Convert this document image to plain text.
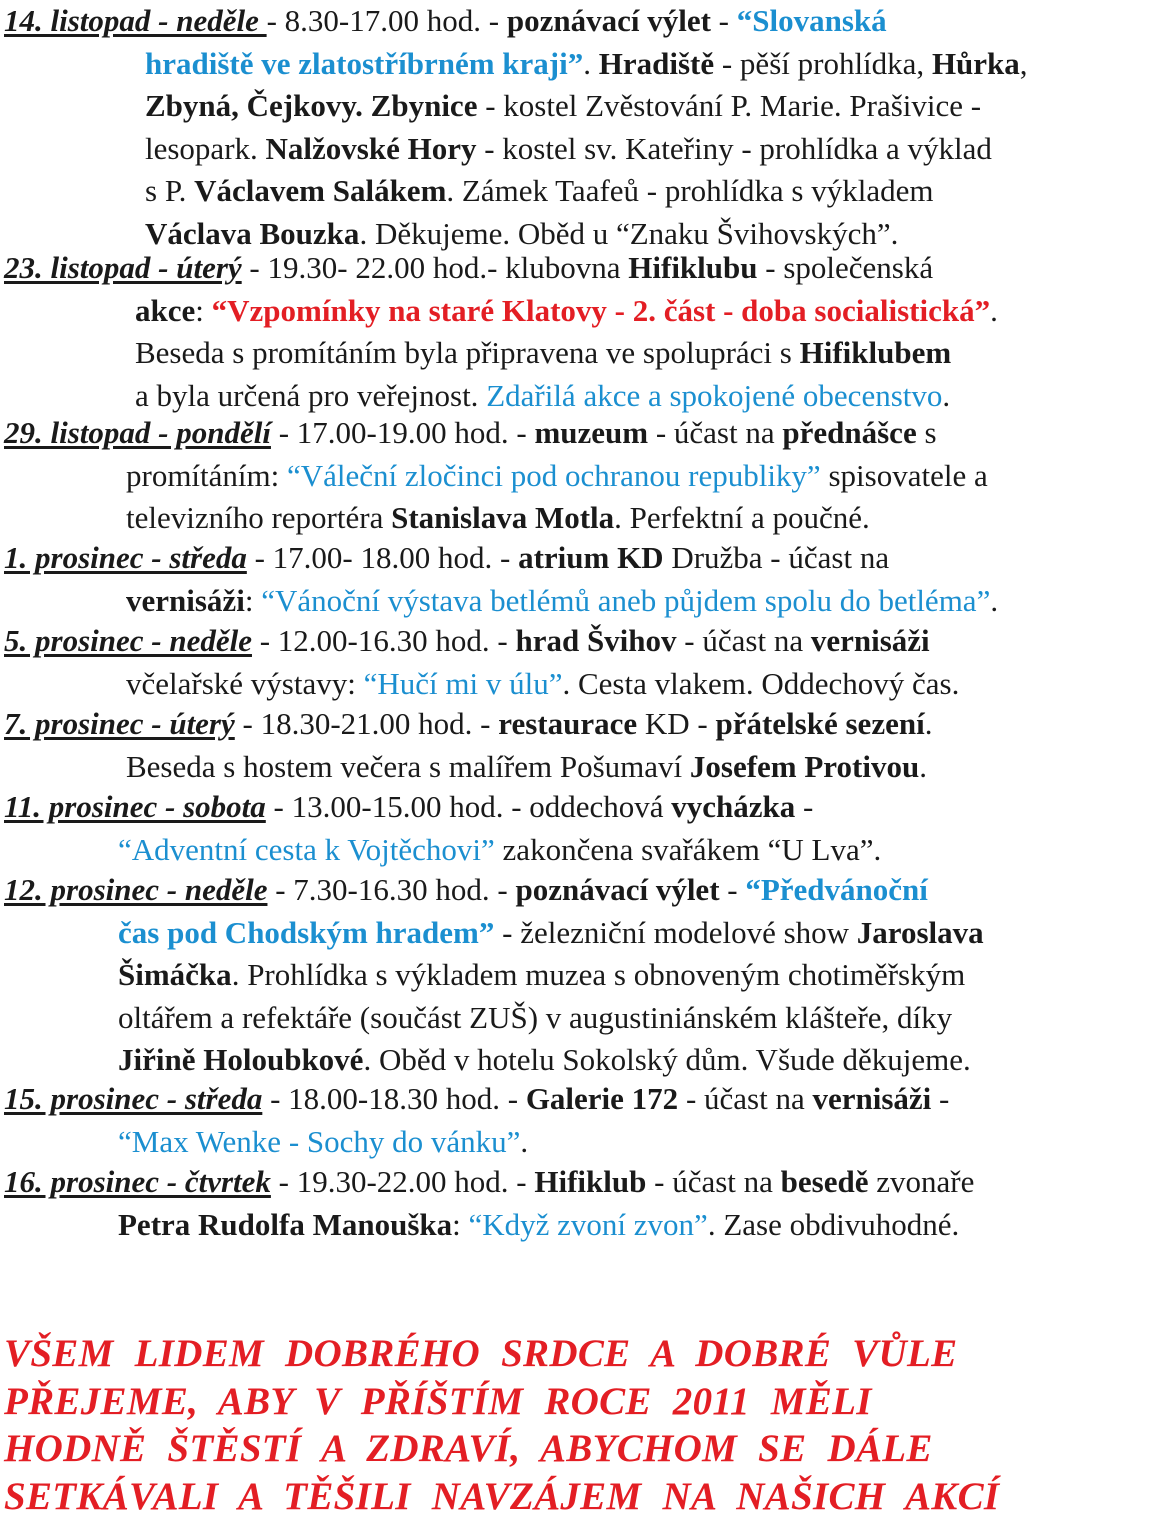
14. listopad - neděle - 8.30-17.00 hod. - poznávací výlet - “Slovanská
hradiště ve zlatostříbrném kraji”. Hradiště - pěší prohlídka, Hůrka,
Zbyná, Čejkovy. Zbynice - kostel Zvěstování P. Marie. Prašivice -
lesopark. Nalžovské Hory - kostel sv. Kateřiny - prohlídka a výklad
s P. Václavem Salákem. Zámek Taafeů - prohlídka s výkladem
Václava Bouzka. Děkujeme. Oběd u “Znaku Švihovských”.
23. listopad - úterý - 19.30- 22.00 hod.- klubovna Hifiklubu - společenská
akce: “Vzpomínky na staré Klatovy - 2. část - doba socialistická”.
Beseda s promítáním byla připravena ve spolupráci s Hifiklubem
a byla určená pro veřejnost. Zdařilá akce a spokojené obecenstvo.
29. listopad - pondělí - 17.00-19.00 hod. - muzeum - účast na přednášce s
promítáním: “Váleční zločinci pod ochranou republiky” spisovatele a
televizního reportéra Stanislava Motla. Perfektní a poučné.
1. prosinec - středa - 17.00- 18.00 hod. - atrium KD Družba - účast na
vernisáži: “Vánoční výstava betlémů aneb půjdem spolu do betléma”.
5. prosinec - neděle - 12.00-16.30 hod. - hrad Švihov - účast na vernisáži
včelařské výstavy: “Hučí mi v úlu”. Cesta vlakem. Oddechový čas.
7. prosinec - úterý - 18.30-21.00 hod. - restaurace KD - přátelské sezení.
Beseda s hostem večera s malířem Pošumaví Josefem Protivou.
11. prosinec - sobota - 13.00-15.00 hod. - oddechová vycházka -
“Adventní cesta k Vojtěchovi” zakončena svařákem “U Lva”.
12. prosinec - neděle - 7.30-16.30 hod. - poznávací výlet - “Předvánoční
čas pod Chodským hradem” - železniční modelové show Jaroslava
Šimáčka. Prohlídka s výkladem muzea s obnoveným chotiměřským
oltářem a refektáře (součást ZUŠ) v augustiniánském klášteře, díky
Jiřině Holoubkové. Oběd v hotelu Sokolský dům. Všude děkujeme.
15. prosinec - středa - 18.00-18.30 hod. - Galerie 172 - účast na vernisáži -
“Max Wenke - Sochy do vánku”.
16. prosinec - čtvrtek - 19.30-22.00 hod. - Hifiklub - účast na besedě zvonaře
Petra Rudolfa Manouška: “Když zvoní zvon”. Zase obdivuhodné.
VŠEM LIDEM DOBRÉHO SRDCE A DOBRÉ VŮLE
PŘEJEME, ABY V PŘÍŠTÍM ROCE 2011 MĚLI
HODNĚ ŠTĚSTÍ A ZDRAVÍ, ABYCHOM SE DÁLE
SETKÁVALI A TĚŠILI NAVZÁJEM NA NAŠICH AKCÍ
